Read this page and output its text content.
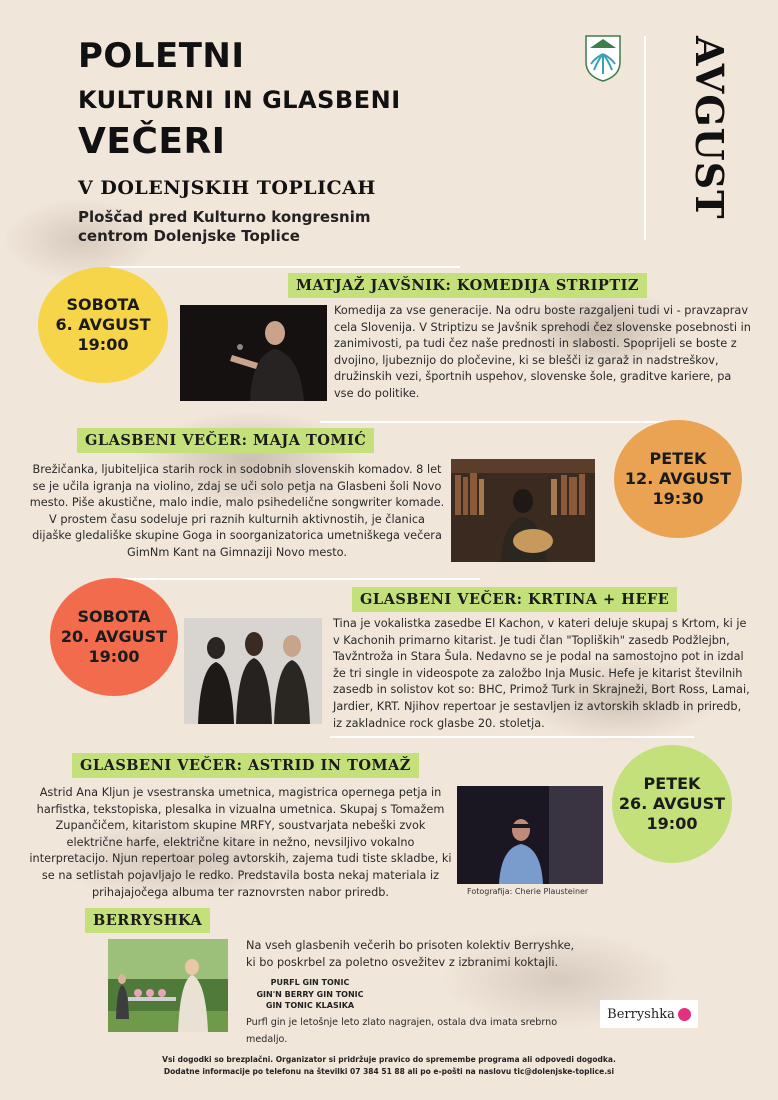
POLETNI
KULTURNI IN GLASBENI
VEČERI
V DOLENJSKIH TOPLICAH
Ploščad pred Kulturno kongresnim
centrom Dolenjske Toplice
AVGUST
MATJAŽ JAVŠNIK: KOMEDIJA STRIPTIZ
SOBOTA
6. AVGUST
19:00
Komedija za vse generacije. Na odru boste razgaljeni tudi vi - pravzaprav cela Slovenija. V Striptizu se Javšnik sprehodi čez slovenske posebnosti in zanimivosti, pa tudi čez naše prednosti in slabosti. Spoprijeli se boste z dvojino, ljubeznijo do pločevine, ki se blešči iz garaž in nadstreškov, družinskih vezi, športnih uspehov, slovenske šole, graditve kariere, pa vse do politike.
GLASBENI VEČER: MAJA TOMIĆ
PETEK
12. AVGUST
19:30
Brežičanka, ljubiteljica starih rock in sodobnih slovenskih komadov. 8 let se je učila igranja na violino, zdaj se uči solo petja na Glasbeni šoli Novo mesto. Piše akustične, malo indie, malo psihedelične songwriter komade. V prostem času sodeluje pri raznih kulturnih aktivnostih, je članica dijaške gledališke skupine Goga in soorganizatorica umetniškega večera GimNm Kant na Gimnaziji Novo mesto.
GLASBENI VEČER: KRTINA + HEFE
SOBOTA
20. AVGUST
19:00
Tina je vokalistka zasedbe El Kachon, v kateri deluje skupaj s Krtom, ki je v Kachonih primarno kitarist. Je tudi član "Topliških" zasedb Podžlejbn, Tavžntroža in Stara Šula. Nedavno se je podal na samostojno pot in izdal že tri single in videospote za založbo Inja Music. Hefe je kitarist številnih zasedb in solistov kot so: BHC, Primož Turk in Skrajneži, Bort Ross, Lamai, Jardier, KRT. Njihov repertoar je sestavljen iz avtorskih skladb in priredb, iz zakladnice rock glasbe 20. stoletja.
GLASBENI VEČER: ASTRID IN TOMAŽ
PETEK
26. AVGUST
19:00
Astrid Ana Kljun je vsestranska umetnica, magistrica opernega petja in harfistka, tekstopiska, plesalka in vizualna umetnica. Skupaj s Tomažem Zupančičem, kitaristom skupine MRFY, soustvarjata nebeški zvok električne harfe, električne kitare in nežno, nevsiljivo vokalno interpretacijo. Njun repertoar poleg avtorskih, zajema tudi tiste skladbe, ki se na setlistah pojavljajo le redko. Predstavila bosta nekaj materiala iz prihajajočega albuma ter raznovrsten nabor priredb.	Fotografija: Cherie Plausteiner
BERRYSHKA
Na vseh glasbenih večerih bo prisoten kolektiv Berryshke, ki bo poskrbel za poletno osvežitev z izbranimi koktajli.
PURFL GIN TONIC
GIN'N BERRY GIN TONIC
GIN TONIC KLASIKA
Purfl gin je letošnje leto zlato nagrajen, ostala dva imata srebrno medaljo.
Berryshka
Vsi dogodki so brezplačni. Organizator si pridržuje pravico do spremembe programa ali odpovedi dogodka.
Dodatne informacije po telefonu na številki 07 384 51 88 ali po e-pošti na naslovu tic@dolenjske-toplice.si
